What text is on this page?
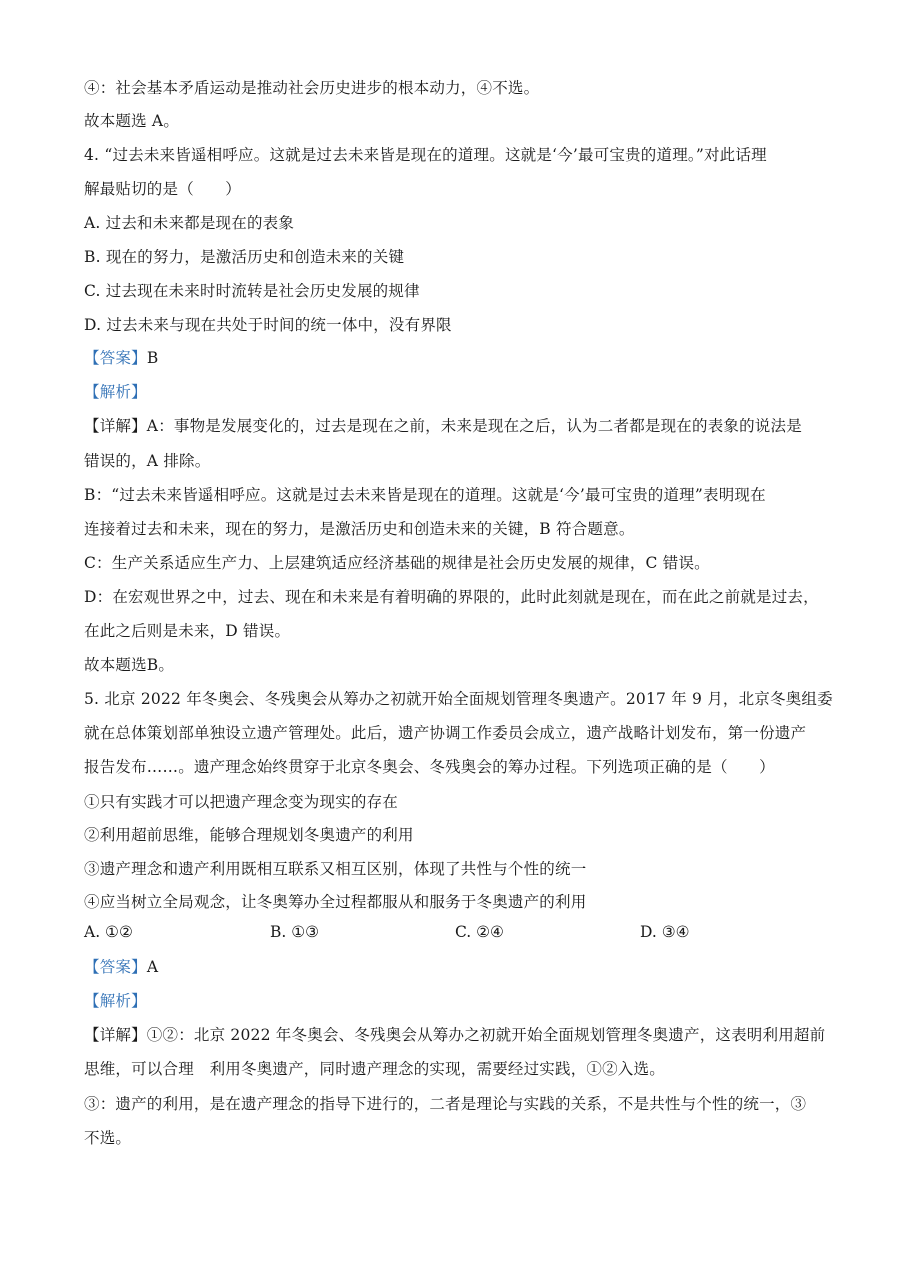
④：社会基本矛盾运动是推动社会历史进步的根本动力，④不选。
故本题选 A。
4. “过去未来皆遥相呼应。这就是过去未来皆是现在的道理。这就是‘今’最可宝贵的道理。”对此话理
解最贴切的是（　　）
A. 过去和未来都是现在的表象
B. 现在的努力，是激活历史和创造未来的关键
C. 过去现在未来时时流转是社会历史发展的规律
D. 过去未来与现在共处于时间的统一体中，没有界限
【答案】B
【解析】
【详解】A：事物是发展变化的，过去是现在之前，未来是现在之后，认为二者都是现在的表象的说法是
错误的，A 排除。
B：“过去未来皆遥相呼应。这就是过去未来皆是现在的道理。这就是‘今’最可宝贵的道理”表明现在
连接着过去和未来，现在的努力，是激活历史和创造未来的关键，B 符合题意。
C：生产关系适应生产力、上层建筑适应经济基础的规律是社会历史发展的规律，C 错误。
D：在宏观世界之中，过去、现在和未来是有着明确的界限的，此时此刻就是现在，而在此之前就是过去，
在此之后则是未来，D 错误。
故本题选B。
5. 北京 2022 年冬奥会、冬残奥会从筹办之初就开始全面规划管理冬奥遗产。2017 年 9 月，北京冬奥组委
就在总体策划部单独设立遗产管理处。此后，遗产协调工作委员会成立，遗产战略计划发布，第一份遗产
报告发布……。遗产理念始终贯穿于北京冬奥会、冬残奥会的筹办过程。下列选项正确的是（　　）
①只有实践才可以把遗产理念变为现实的存在
②利用超前思维，能够合理规划冬奥遗产的利用
③遗产理念和遗产利用既相互联系又相互区别，体现了共性与个性的统一
④应当树立全局观念，让冬奥筹办全过程都服从和服务于冬奥遗产的利用
A. ①②	B. ①③	C. ②④	D. ③④
【答案】A
【解析】
【详解】①②：北京 2022 年冬奥会、冬残奥会从筹办之初就开始全面规划管理冬奥遗产，这表明利用超前
思维，可以合理　利用冬奥遗产，同时遗产理念的实现，需要经过实践，①②入选。
③：遗产的利用，是在遗产理念的指导下进行的，二者是理论与实践的关系，不是共性与个性的统一，③
不选。
